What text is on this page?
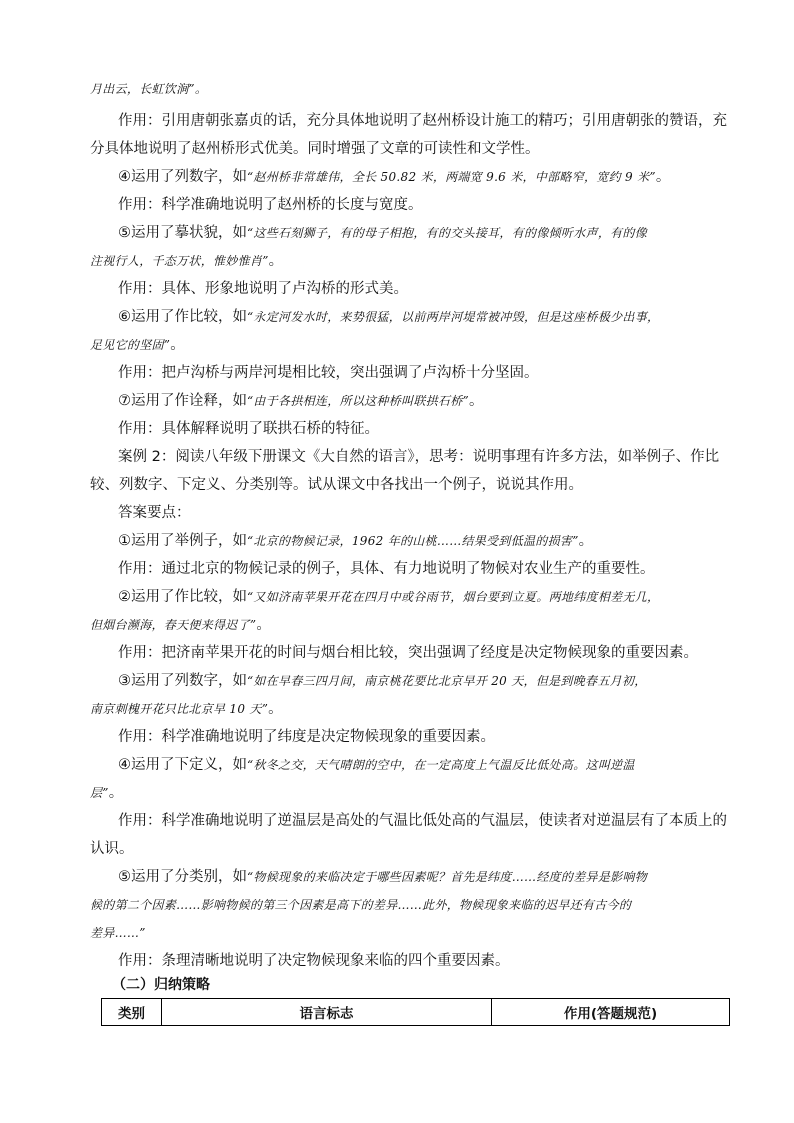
月出云，长虹饮涧”。
作用：引用唐朝张嘉贞的话，充分具体地说明了赵州桥设计施工的精巧；引用唐朝张的赞语，充
分具体地说明了赵州桥形式优美。同时增强了文章的可读性和文学性。
④运用了列数字，如“赵州桥非常雄伟，全长 50.82 米，两端宽 9.6 米，中部略窄，宽约 9 米”。
作用：科学准确地说明了赵州桥的长度与宽度。
⑤运用了摹状貌，如“这些石刻狮子，有的母子相抱，有的交头接耳，有的像倾听水声，有的像
注视行人，千态万状，惟妙惟肖”。
作用：具体、形象地说明了卢沟桥的形式美。
⑥运用了作比较，如“永定河发水时，来势很猛，以前两岸河堤常被冲毁，但是这座桥极少出事，
足见它的坚固”。
作用：把卢沟桥与两岸河堤相比较，突出强调了卢沟桥十分坚固。
⑦运用了作诠释，如“由于各拱相连，所以这种桥叫联拱石桥”。
作用：具体解释说明了联拱石桥的特征。
案例 2：阅读八年级下册课文《大自然的语言》，思考：说明事理有许多方法，如举例子、作比
较、列数字、下定义、分类别等。试从课文中各找出一个例子，说说其作用。
答案要点：
①运用了举例子，如“北京的物候记录，1962 年的山桃……结果受到低温的损害”。
作用：通过北京的物候记录的例子，具体、有力地说明了物候对农业生产的重要性。
②运用了作比较，如“又如济南苹果开花在四月中或谷雨节，烟台要到立夏。两地纬度相差无几，
但烟台濒海，春天便来得迟了”。
作用：把济南苹果开花的时间与烟台相比较，突出强调了经度是决定物候现象的重要因素。
③运用了列数字，如“如在早春三四月间，南京桃花要比北京早开 20 天，但是到晚春五月初，
南京刺槐开花只比北京早 10 天”。
作用：科学准确地说明了纬度是决定物候现象的重要因素。
④运用了下定义，如“秋冬之交，天气晴朗的空中，在一定高度上气温反比低处高。这叫逆温
层”。
作用：科学准确地说明了逆温层是高处的气温比低处高的气温层，使读者对逆温层有了本质上的
认识。
⑤运用了分类别，如“物候现象的来临决定于哪些因素呢？首先是纬度……经度的差异是影响物
候的第二个因素……影响物候的第三个因素是高下的差异……此外，物候现象来临的迟早还有古今的
差异……”
作用：条理清晰地说明了决定物候现象来临的四个重要因素。
（二）归纳策略
类别	语言标志	作用(答题规范)
